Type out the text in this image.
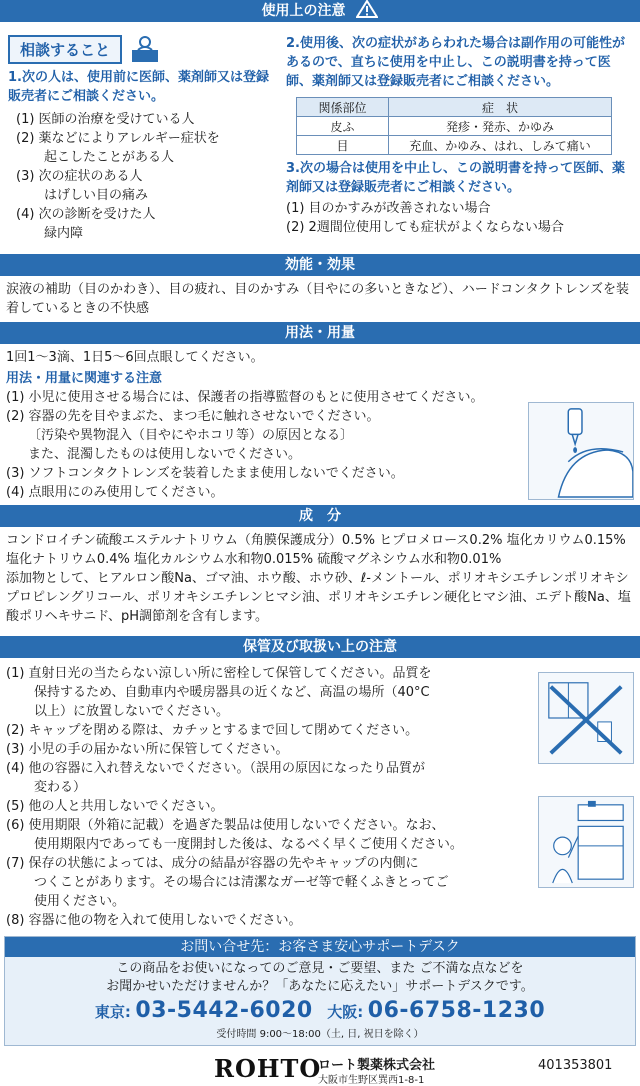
使用上の注意
相談すること
1.次の人は、使用前に医師、薬剤師又は登録販売者にご相談ください。
(1) 医師の治療を受けている人
(2) 薬などによりアレルギー症状を
起こしたことがある人
(3) 次の症状のある人
はげしい目の痛み
(4) 次の診断を受けた人
緑内障
2.使用後、次の症状があらわれた場合は副作用の可能性があるので、直ちに使用を中止し、この説明書を持って医師、薬剤師又は登録販売者にご相談ください。
関係部位	症　状
皮ふ	発疹・発赤、かゆみ
目	充血、かゆみ、はれ、しみて痛い
3.次の場合は使用を中止し、この説明書を持って医師、薬剤師又は登録販売者にご相談ください。
(1) 目のかすみが改善されない場合
(2) 2週間位使用しても症状がよくならない場合
効能・効果
涙液の補助（目のかわき）、目の疲れ、目のかすみ（目やにの多いときなど）、ハードコンタクトレンズを装着しているときの不快感
用法・用量
1回1〜3滴、1日5〜6回点眼してください。
用法・用量に関連する注意
(1) 小児に使用させる場合には、保護者の指導監督のもとに使用させてください。
(2) 容器の先を目やまぶた、まつ毛に触れさせないでください。
〔汚染や異物混入（目やにやホコリ等）の原因となる〕
また、混濁したものは使用しないでください。
(3) ソフトコンタクトレンズを装着したまま使用しないでください。
(4) 点眼用にのみ使用してください。
成　分
コンドロイチン硫酸エステルナトリウム（角膜保護成分）0.5% ヒプロメロース0.2% 塩化カリウム0.15% 塩化ナトリウム0.4% 塩化カルシウム水和物0.015% 硫酸マグネシウム水和物0.01%
添加物として、ヒアルロン酸Na、ゴマ油、ホウ酸、ホウ砂、ℓ-メントール、ポリオキシエチレンポリオキシプロピレングリコール、ポリオキシエチレンヒマシ油、ポリオキシエチレン硬化ヒマシ油、エデト酸Na、塩酸ポリヘキサニド、pH調節剤を含有します。
保管及び取扱い上の注意
(1) 直射日光の当たらない涼しい所に密栓して保管してください。品質を
保持するため、自動車内や暖房器具の近くなど、高温の場所（40°C
以上）に放置しないでください。
(2) キャップを閉める際は、カチッとするまで回して閉めてください。
(3) 小児の手の届かない所に保管してください。
(4) 他の容器に入れ替えないでください。（誤用の原因になったり品質が
変わる）
(5) 他の人と共用しないでください。
(6) 使用期限（外箱に記載）を過ぎた製品は使用しないでください。なお、
使用期限内であっても一度開封した後は、なるべく早くご使用ください。
(7) 保存の状態によっては、成分の結晶が容器の先やキャップの内側に
つくことがあります。その場合には清潔なガーゼ等で軽くふきとってご
使用ください。
(8) 容器に他の物を入れて使用しないでください。
お問い合せ先：お客さま安心サポートデスク
この商品をお使いになってのご意見・ご要望、また ご不満な点などを
お聞かせいただけませんか？「あなたに応えたい」サポートデスクです。
東京: 03-5442-6020 大阪: 06-6758-1230
受付時間 9:00〜18:00（土, 日, 祝日を除く）
ROHTO
ロート製薬株式会社
大阪市生野区巽西1-8-1
401353801
